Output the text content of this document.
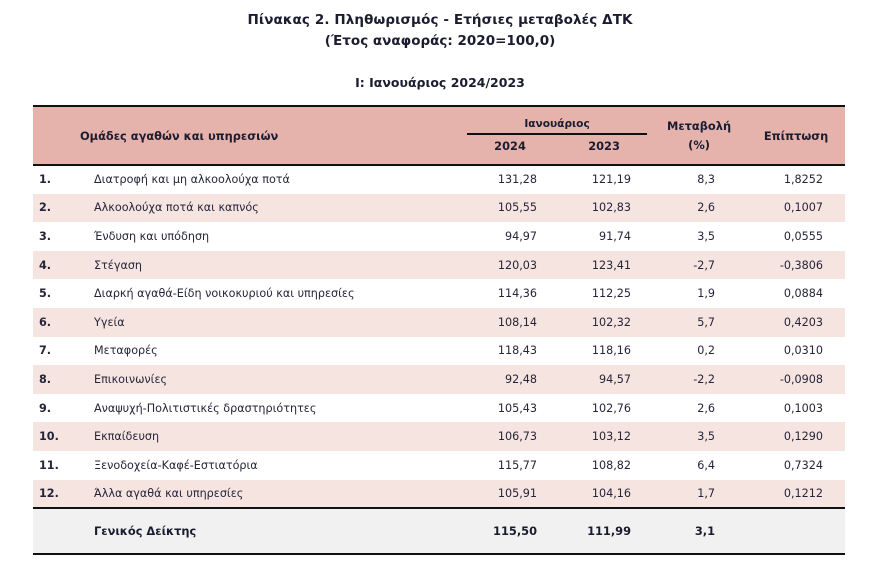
Πίνακας 2. Πληθωρισμός - Ετήσιες μεταβολές ΔΤΚ
(Έτος αναφοράς: 2020=100,0)
I: Ιανουάριος 2024/2023
Ομάδες αγαθών και υπηρεσιών	
Ιανουάριος
2024	2023

Μεταβολή
(%)
	Επίπτωση
1.	Διατροφή και μη αλκοολούχα ποτά	131,28	121,19	8,3	1,8252
2.	Αλκοολούχα ποτά και καπνός	105,55	102,83	2,6	0,1007
3.	Ένδυση και υπόδηση	94,97	91,74	3,5	0,0555
4.	Στέγαση	120,03	123,41	-2,7	-0,3806
5.	Διαρκή αγαθά-Είδη νοικοκυριού και υπηρεσίες	114,36	112,25	1,9	0,0884
6.	Υγεία	108,14	102,32	5,7	0,4203
7.	Μεταφορές	118,43	118,16	0,2	0,0310
8.	Επικοινωνίες	92,48	94,57	-2,2	-0,0908
9.	Αναψυχή-Πολιτιστικές δραστηριότητες	105,43	102,76	2,6	0,1003
10.	Εκπαίδευση	106,73	103,12	3,5	0,1290
11.	Ξενοδοχεία-Καφέ-Εστιατόρια	115,77	108,82	6,4	0,7324
12.	Άλλα αγαθά και υπηρεσίες	105,91	104,16	1,7	0,1212
	Γενικός Δείκτης	115,50	111,99	3,1	
